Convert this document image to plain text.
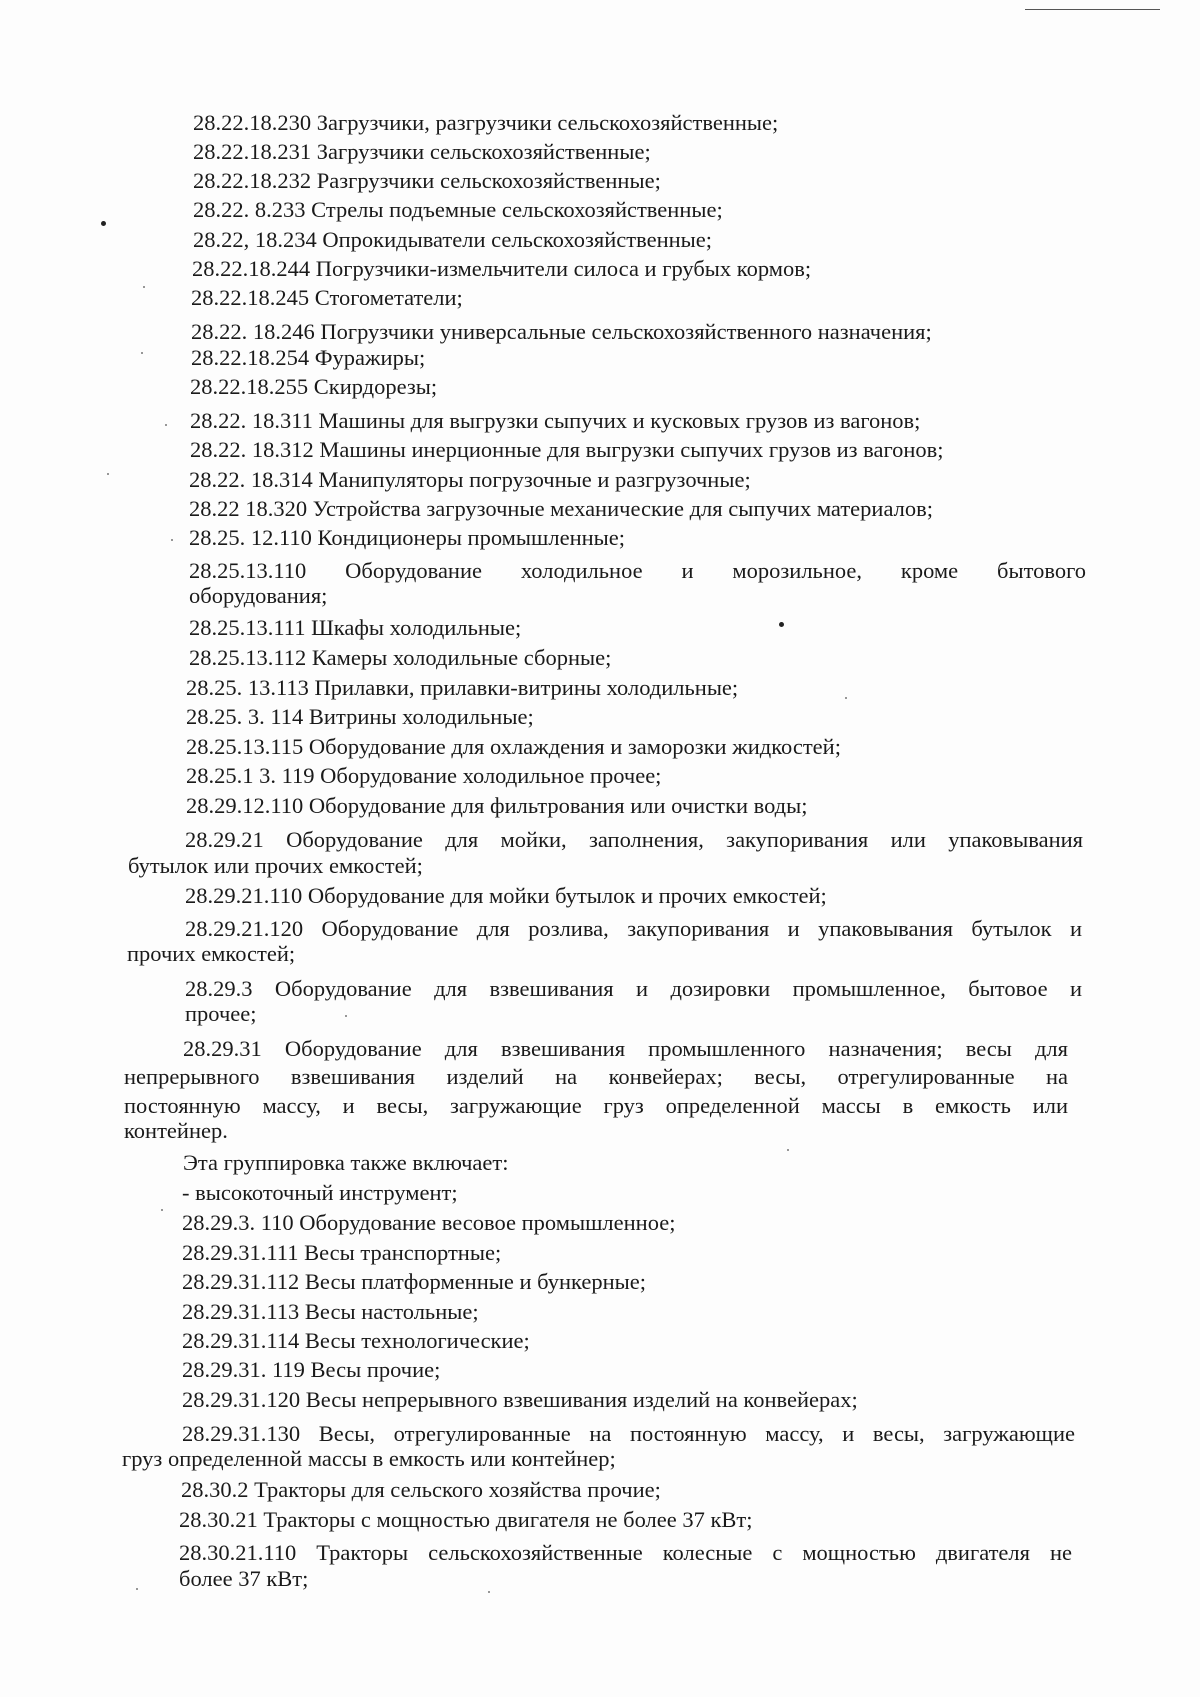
28.22.18.230 Загрузчики, разгрузчики сельскохозяйственные;
28.22.18.231 Загрузчики сельскохозяйственные;
28.22.18.232 Разгрузчики сельскохозяйственные;
28.22. 8.233 Стрелы подъемные сельскохозяйственные;
28.22, 18.234 Опрокидыватели сельскохозяйственные;
28.22.18.244 Погрузчики-измельчители силоса и грубых кормов;
28.22.18.245 Стогометатели;
28.22. 18.246 Погрузчики универсальные сельскохозяйственного назначения;
28.22.18.254 Фуражиры;
28.22.18.255 Скирдорезы;
28.22. 18.311 Машины для выгрузки сыпучих и кусковых грузов из вагонов;
28.22. 18.312 Машины инерционные для выгрузки сыпучих грузов из вагонов;
28.22. 18.314 Манипуляторы погрузочные и разгрузочные;
28.22 18.320 Устройства загрузочные механические для сыпучих материалов;
28.25. 12.110 Кондиционеры промышленные;
28.25.13.110 Оборудование холодильное и морозильное, кроме бытового
оборудования;
28.25.13.111 Шкафы холодильные;
28.25.13.112 Камеры холодильные сборные;
28.25. 13.113 Прилавки, прилавки-витрины холодильные;
28.25. 3. 114 Витрины холодильные;
28.25.13.115 Оборудование для охлаждения и заморозки жидкостей;
28.25.1 3. 119 Оборудование холодильное прочее;
28.29.12.110 Оборудование для фильтрования или очистки воды;
28.29.21 Оборудование для мойки, заполнения, закупоривания или упаковывания
бутылок или прочих емкостей;
28.29.21.110 Оборудование для мойки бутылок и прочих емкостей;
28.29.21.120 Оборудование для розлива, закупоривания и упаковывания бутылок и
прочих емкостей;
28.29.3 Оборудование для взвешивания и дозировки промышленное, бытовое и
прочее;
28.29.31 Оборудование для взвешивания промышленного назначения; весы для
непрерывного взвешивания изделий на конвейерах; весы, отрегулированные на
постоянную массу, и весы, загружающие груз определенной массы в емкость или
контейнер.
Эта группировка также включает:
- высокоточный инструмент;
28.29.3. 110 Оборудование весовое промышленное;
28.29.31.111 Весы транспортные;
28.29.31.112 Весы платформенные и бункерные;
28.29.31.113 Весы настольные;
28.29.31.114 Весы технологические;
28.29.31. 119 Весы прочие;
28.29.31.120 Весы непрерывного взвешивания изделий на конвейерах;
28.29.31.130 Весы, отрегулированные на постоянную массу, и весы, загружающие
груз определенной массы в емкость или контейнер;
28.30.2 Тракторы для сельского хозяйства прочие;
28.30.21 Тракторы с мощностью двигателя не более 37 кВт;
28.30.21.110 Тракторы сельскохозяйственные колесные с мощностью двигателя не
более 37 кВт;
